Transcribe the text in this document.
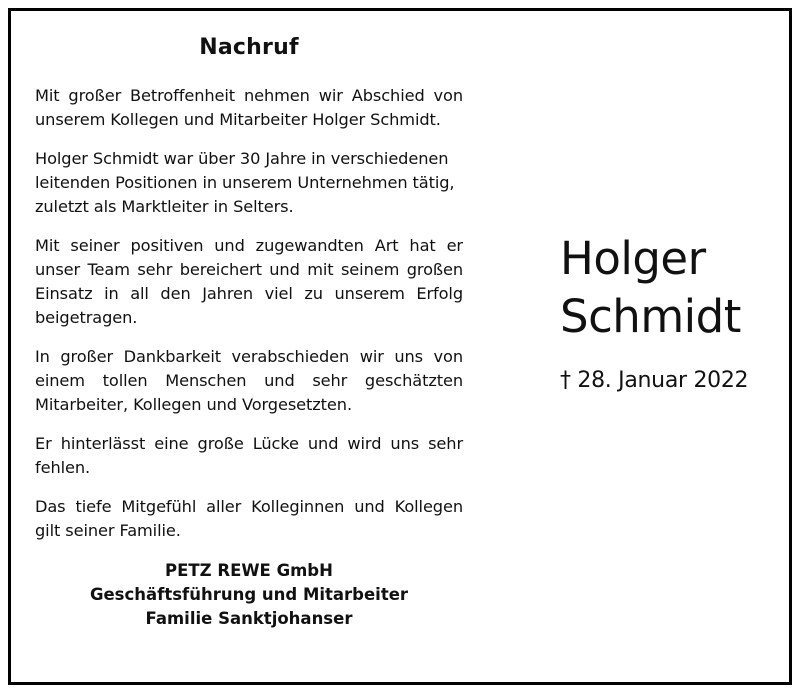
Nachruf

Mit großer Betroffenheit nehmen wir Abschied von unserem Kollegen und Mitarbeiter Holger Schmidt.

Holger Schmidt war über 30 Jahre in verschiedenen leitenden Positionen in unserem Unternehmen tätig, zuletzt als Marktleiter in Selters.

Mit seiner positiven und zugewandten Art hat er unser Team sehr bereichert und mit seinem großen Einsatz in all den Jahren viel zu unserem Erfolg beigetragen.

In großer Dankbarkeit verabschieden wir uns von einem tollen Menschen und sehr geschätzten Mitarbeiter, Kollegen und Vorgesetzten.

Er hinterlässt eine große Lücke und wird uns sehr fehlen.

Das tiefe Mitgefühl aller Kolleginnen und Kollegen gilt seiner Familie.

PETZ REWE GmbH
Geschäftsführung und Mitarbeiter
Familie Sanktjohanser
Holger
Schmidt
† 28. Januar 2022
